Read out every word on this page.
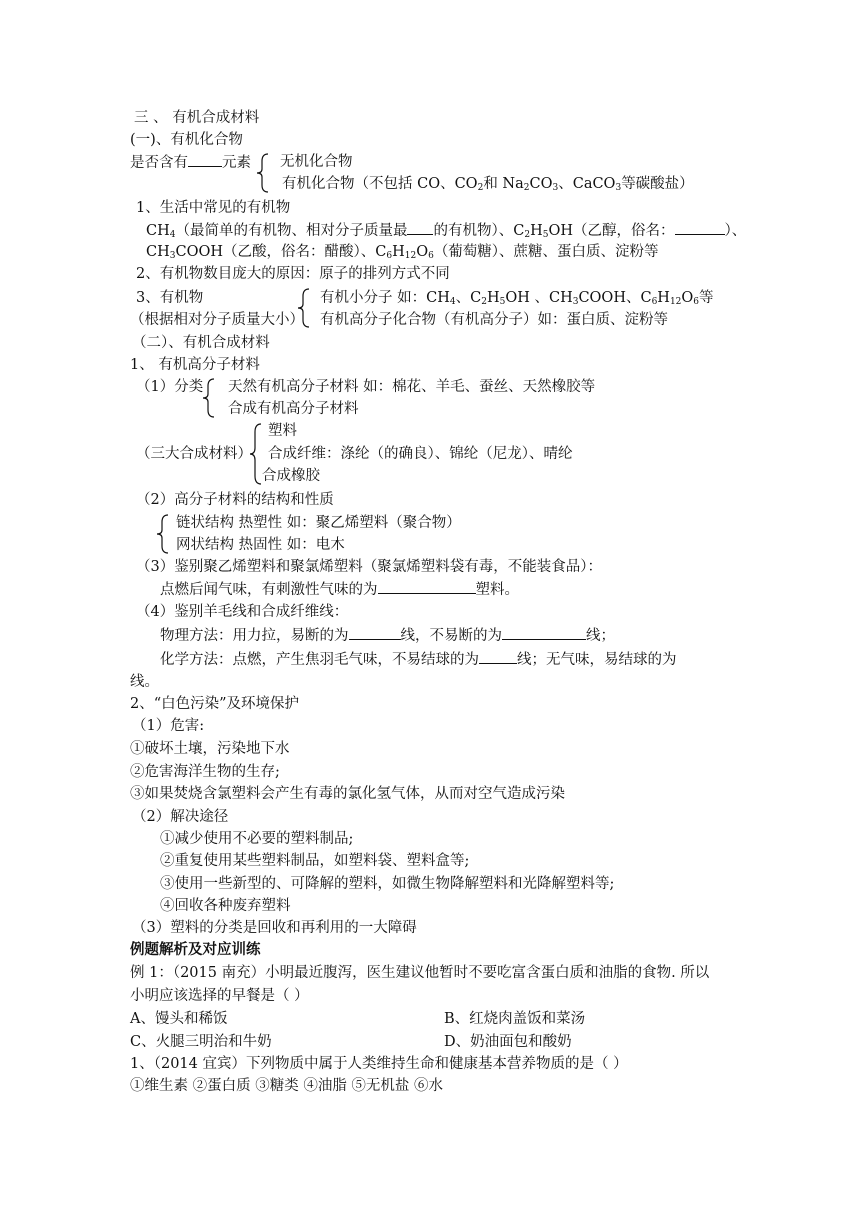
三 、 有机合成材料
(一)、有机化合物
是否含有 元素 无机化合物
有机化合物（不包括 CO、$CO_2$和 $Na_2CO_3$、CaCO$_3$等碳酸盐）
1、生活中常见的有机物
$CH_4$（最简单的有机物、相对分子质量最 的有机物）、$C_2H_5OH$（乙醇，俗名：	）、
$CH_3COOH$（乙酸，俗名：醋酸）、$C_6H_{12}O_6$（葡萄糖）、蔗糖、蛋白质、淀粉等
2、有机物数目庞大的原因：原子的排列方式不同
3、有机物
（根据相对分子质量大小）
有机小分子 如：$CH_4$、$C_2H_5OH$ 、$CH_3COOH$、$C_6H_{12}O_6$等
有机高分子化合物（有机高分子）如：蛋白质、淀粉等
（二）、有机合成材料
1、 有机高分子材料
（1）分类 天然有机高分子材料 如：棉花、羊毛、蚕丝、天然橡胶等
合成有机高分子材料
（三大合成材料）
塑料
合成纤维：涤纶（的确良）、锦纶（尼龙）、晴纶
合成橡胶
（2）高分子材料的结构和性质
链状结构 热塑性 如：聚乙烯塑料（聚合物）
网状结构 热固性 如：电木
（3）鉴别聚乙烯塑料和聚氯烯塑料（聚氯烯塑料袋有毒，不能装食品）：
点燃后闻气味，有刺激性气味的为	塑料。
（4）鉴别羊毛线和合成纤维线：
物理方法：用力拉，易断的为	线，不易断的为	线；
化学方法：点燃，产生焦羽毛气味，不易结球的为	线；无气味，易结球的为
线。
2、“白色污染”及环境保护
（1）危害:
①破坏土壤，污染地下水
②危害海洋生物的生存;
③如果焚烧含氯塑料会产生有毒的氯化氢气体，从而对空气造成污染
（2）解决途径
①减少使用不必要的塑料制品;
②重复使用某些塑料制品，如塑料袋、塑料盒等;
③使用一些新型的、可降解的塑料，如微生物降解塑料和光降解塑料等;
④回收各种废弃塑料
（3）塑料的分类是回收和再利用的一大障碍
例题解析及对应训练
例 1：（2015 南充）小明最近腹泻，医生建议他暂时不要吃富含蛋白质和油脂的食物. 所以
小明应该选择的早餐是（ ）
A、馒头和稀饭	B、红烧肉盖饭和菜汤
C、火腿三明治和牛奶	D、奶油面包和酸奶
1、（2014 宜宾）下列物质中属于人类维持生命和健康基本营养物质的是（ ）
①维生素 ②蛋白质 ③糖类 ④油脂 ⑤无机盐 ⑥水
